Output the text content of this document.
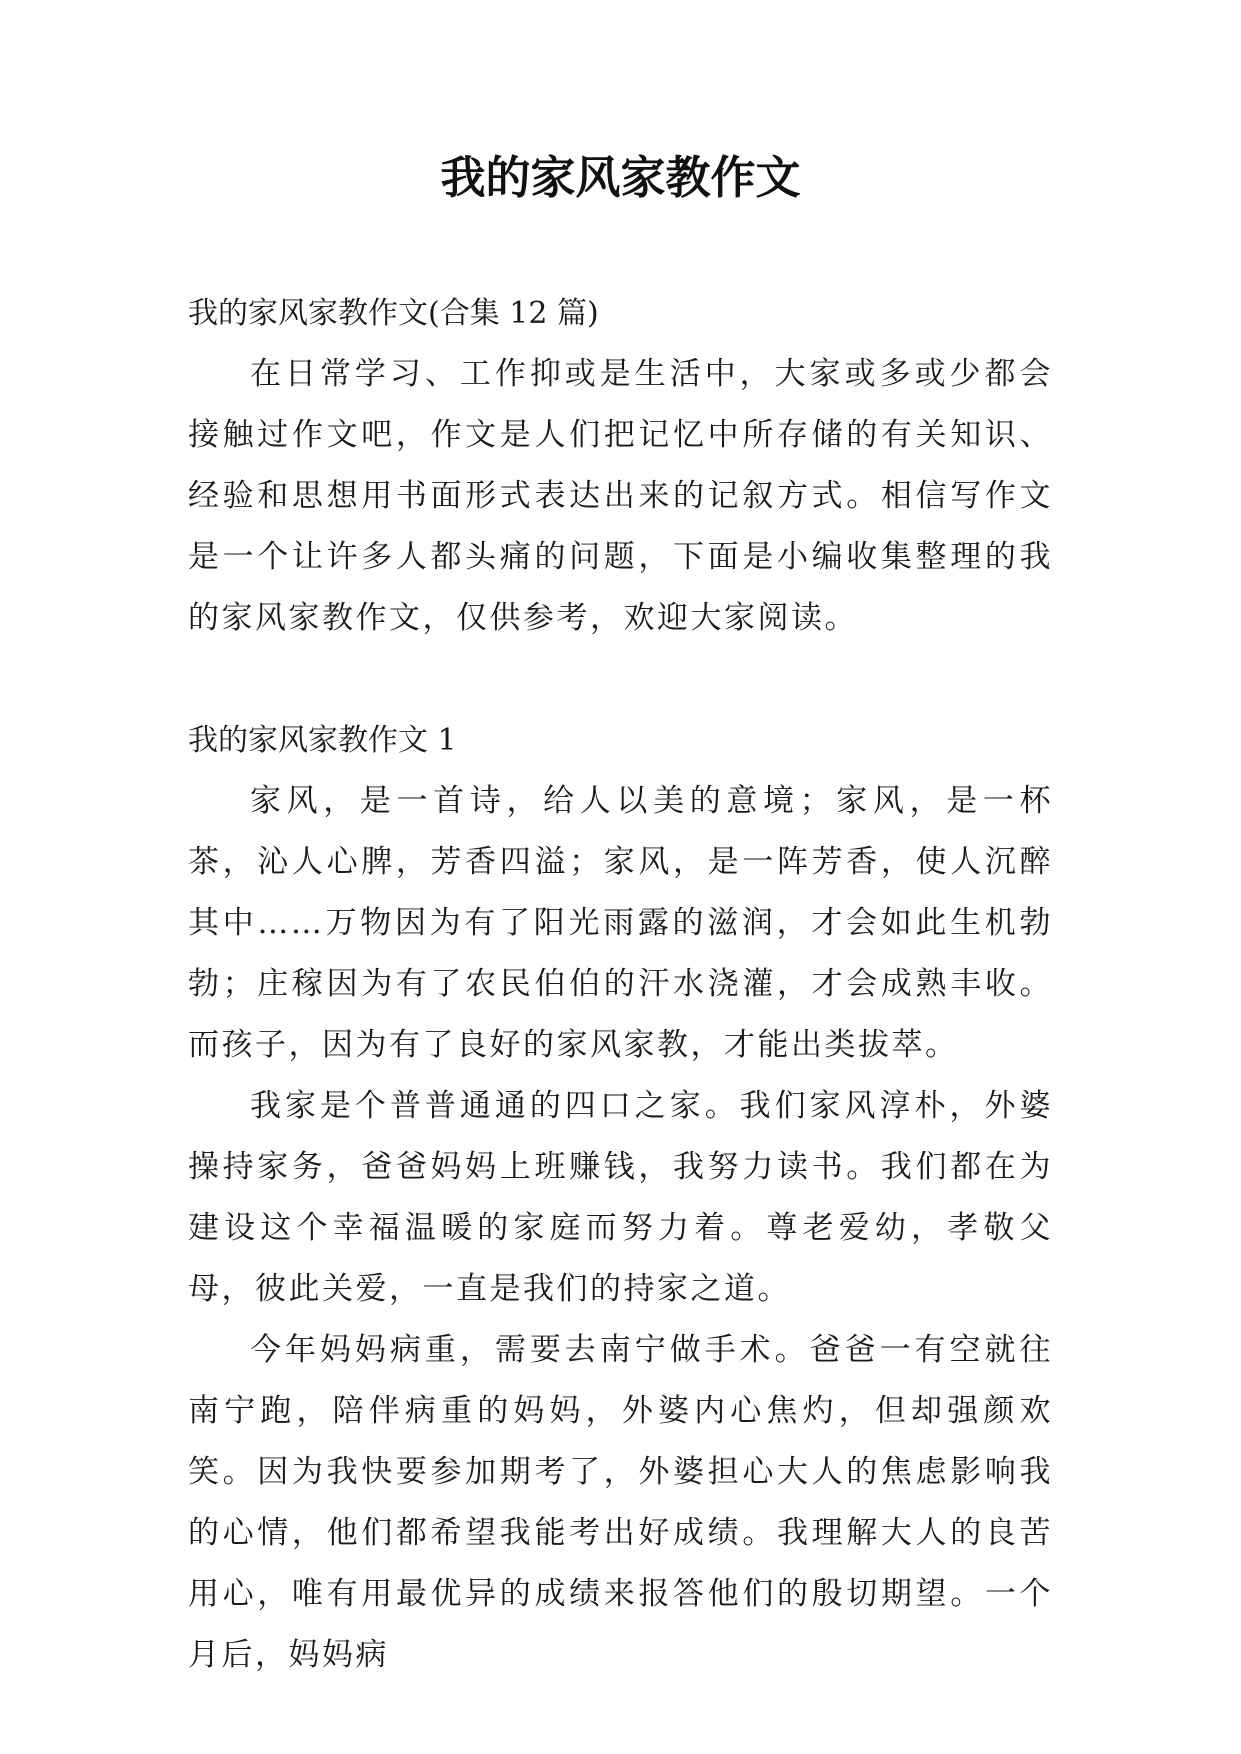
我的家风家教作文

我的家风家教作文(合集 12 篇)

在日常学习、工作抑或是生活中，大家或多或少都会接触过作文吧，作文是人们把记忆中所存储的有关知识、经验和思想用书面形式表达出来的记叙方式。相信写作文是一个让许多人都头痛的问题，下面是小编收集整理的我的家风家教作文，仅供参考，欢迎大家阅读。

我的家风家教作文 1

家风，是一首诗，给人以美的意境；家风，是一杯茶，沁人心脾，芳香四溢；家风，是一阵芳香，使人沉醉其中……万物因为有了阳光雨露的滋润，才会如此生机勃勃；庄稼因为有了农民伯伯的汗水浇灌，才会成熟丰收。而孩子，因为有了良好的家风家教，才能出类拔萃。

我家是个普普通通的四口之家。我们家风淳朴，外婆操持家务，爸爸妈妈上班赚钱，我努力读书。我们都在为建设这个幸福温暖的家庭而努力着。尊老爱幼，孝敬父母，彼此关爱，一直是我们的持家之道。

今年妈妈病重，需要去南宁做手术。爸爸一有空就往南宁跑，陪伴病重的妈妈，外婆内心焦灼，但却强颜欢笑。因为我快要参加期考了，外婆担心大人的焦虑影响我的心情，他们都希望我能考出好成绩。我理解大人的良苦用心，唯有用最优异的成绩来报答他们的殷切期望。一个月后，妈妈病
